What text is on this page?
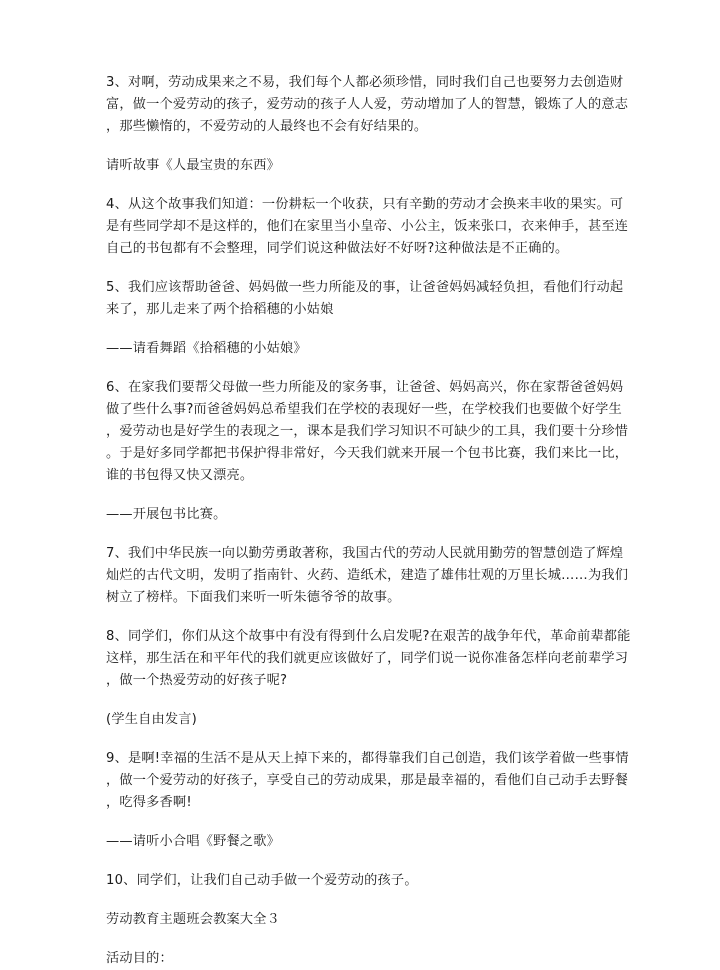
3、对啊，劳动成果来之不易，我们每个人都必须珍惜，同时我们自己也要努力去创造财
富，做一个爱劳动的孩子，爱劳动的孩子人人爱，劳动增加了人的智慧，锻炼了人的意志
，那些懒惰的，不爱劳动的人最终也不会有好结果的。

请听故事《人最宝贵的东西》

4、从这个故事我们知道：一份耕耘一个收获，只有辛勤的劳动才会换来丰收的果实。可
是有些同学却不是这样的，他们在家里当小皇帝、小公主，饭来张口，衣来伸手，甚至连
自己的书包都有不会整理，同学们说这种做法好不好呀?这种做法是不正确的。

5、我们应该帮助爸爸、妈妈做一些力所能及的事，让爸爸妈妈减轻负担，看他们行动起
来了，那儿走来了两个拾稻穗的小姑娘

——请看舞蹈《拾稻穗的小姑娘》

6、在家我们要帮父母做一些力所能及的家务事，让爸爸、妈妈高兴，你在家帮爸爸妈妈
做了些什么事?而爸爸妈妈总希望我们在学校的表现好一些，在学校我们也要做个好学生
，爱劳动也是好学生的表现之一，课本是我们学习知识不可缺少的工具，我们要十分珍惜
。于是好多同学都把书保护得非常好，今天我们就来开展一个包书比赛，我们来比一比，
谁的书包得又快又漂亮。

——开展包书比赛。

7、我们中华民族一向以勤劳勇敢著称，我国古代的劳动人民就用勤劳的智慧创造了辉煌
灿烂的古代文明，发明了指南针、火药、造纸术，建造了雄伟壮观的万里长城……为我们
树立了榜样。下面我们来听一听朱德爷爷的故事。

8、同学们，你们从这个故事中有没有得到什么启发呢?在艰苦的战争年代，革命前辈都能
这样，那生活在和平年代的我们就更应该做好了，同学们说一说你准备怎样向老前辈学习
，做一个热爱劳动的好孩子呢?

(学生自由发言)

9、是啊!幸福的生活不是从天上掉下来的，都得靠我们自己创造，我们该学着做一些事情
，做一个爱劳动的好孩子，享受自己的劳动成果，那是最幸福的，看他们自己动手去野餐
，吃得多香啊!

——请听小合唱《野餐之歌》

10、同学们，让我们自己动手做一个爱劳动的孩子。

劳动教育主题班会教案大全３

活动目的：
